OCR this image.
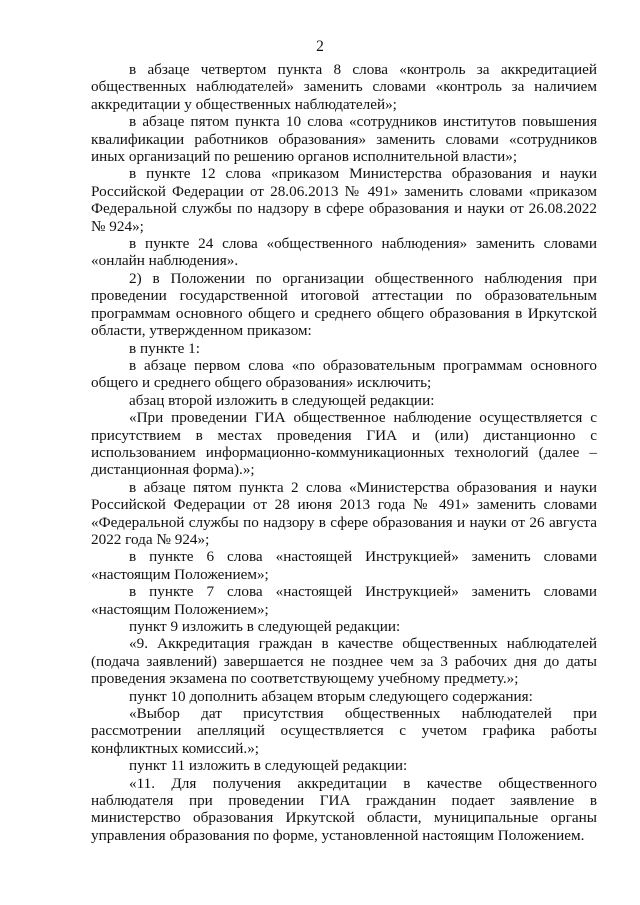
2

в абзаце четвертом пункта 8 слова «контроль за аккредитацией общественных наблюдателей» заменить словами «контроль за наличием аккредитации у общественных наблюдателей»;

в абзаце пятом пункта 10 слова «сотрудников институтов повышения квалификации работников образования» заменить словами «сотрудников иных организаций по решению органов исполнительной власти»;

в пункте 12 слова «приказом Министерства образования и науки Российской Федерации от 28.06.2013 № 491» заменить словами «приказом Федеральной службы по надзору в сфере образования и науки от 26.08.2022 № 924»;

в пункте 24 слова «общественного наблюдения» заменить словами «онлайн наблюдения».

2) в Положении по организации общественного наблюдения при проведении государственной итоговой аттестации по образовательным программам основного общего и среднего общего образования в Иркутской области, утвержденном приказом:

в пункте 1:

в абзаце первом слова «по образовательным программам основного общего и среднего общего образования» исключить;

абзац второй изложить в следующей редакции:

«При проведении ГИА общественное наблюдение осуществляется с присутствием в местах проведения ГИА и (или) дистанционно с использованием информационно-коммуникационных технологий (далее – дистанционная форма).»;

в абзаце пятом пункта 2 слова «Министерства образования и науки Российской Федерации от 28 июня 2013 года № 491» заменить словами «Федеральной службы по надзору в сфере образования и науки от 26 августа 2022 года № 924»;

в пункте 6 слова «настоящей Инструкцией» заменить словами «настоящим Положением»;

в пункте 7 слова «настоящей Инструкцией» заменить словами «настоящим Положением»;

пункт 9 изложить в следующей редакции:

«9. Аккредитация граждан в качестве общественных наблюдателей (подача заявлений) завершается не позднее чем за 3 рабочих дня до даты проведения экзамена по соответствующему учебному предмету.»;

пункт 10 дополнить абзацем вторым следующего содержания:

«Выбор дат присутствия общественных наблюдателей при рассмотрении апелляций осуществляется с учетом графика работы конфликтных комиссий.»;

пункт 11 изложить в следующей редакции:

«11. Для получения аккредитации в качестве общественного наблюдателя при проведении ГИА гражданин подает заявление в министерство образования Иркутской области, муниципальные органы управления образования по форме, установленной настоящим Положением.
